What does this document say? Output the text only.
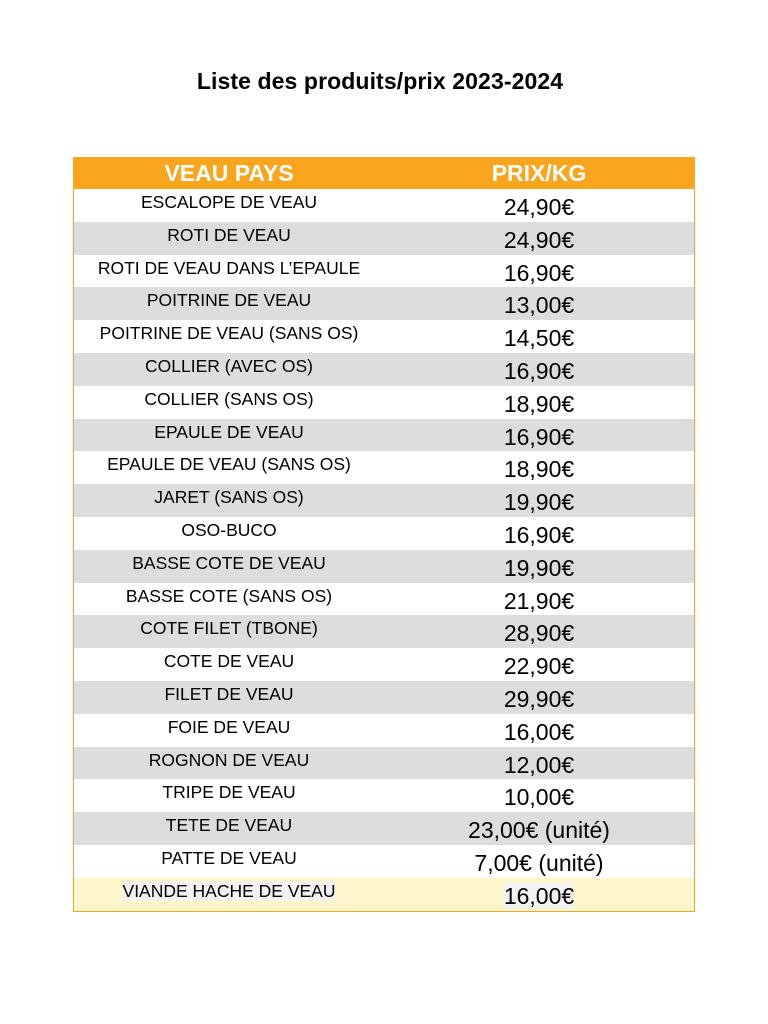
Liste des produits/prix 2023-2024
VEAU PAYS	PRIX/KG
ESCALOPE DE VEAU	24,90€
ROTI DE VEAU	24,90€
ROTI DE VEAU DANS L’EPAULE	16,90€
POITRINE DE VEAU	13,00€
POITRINE DE VEAU (SANS OS)	14,50€
COLLIER (AVEC OS)	16,90€
COLLIER (SANS OS)	18,90€
EPAULE DE VEAU	16,90€
EPAULE DE VEAU (SANS OS)	18,90€
JARET (SANS OS)	19,90€
OSO-BUCO	16,90€
BASSE COTE DE VEAU	19,90€
BASSE COTE (SANS OS)	21,90€
COTE FILET (TBONE)	28,90€
COTE DE VEAU	22,90€
FILET DE VEAU	29,90€
FOIE DE VEAU	16,00€
ROGNON DE VEAU	12,00€
TRIPE DE VEAU	10,00€
TETE DE VEAU	23,00€ (unité)
PATTE DE VEAU	7,00€ (unité)
VIANDE HACHE DE VEAU	16,00€
